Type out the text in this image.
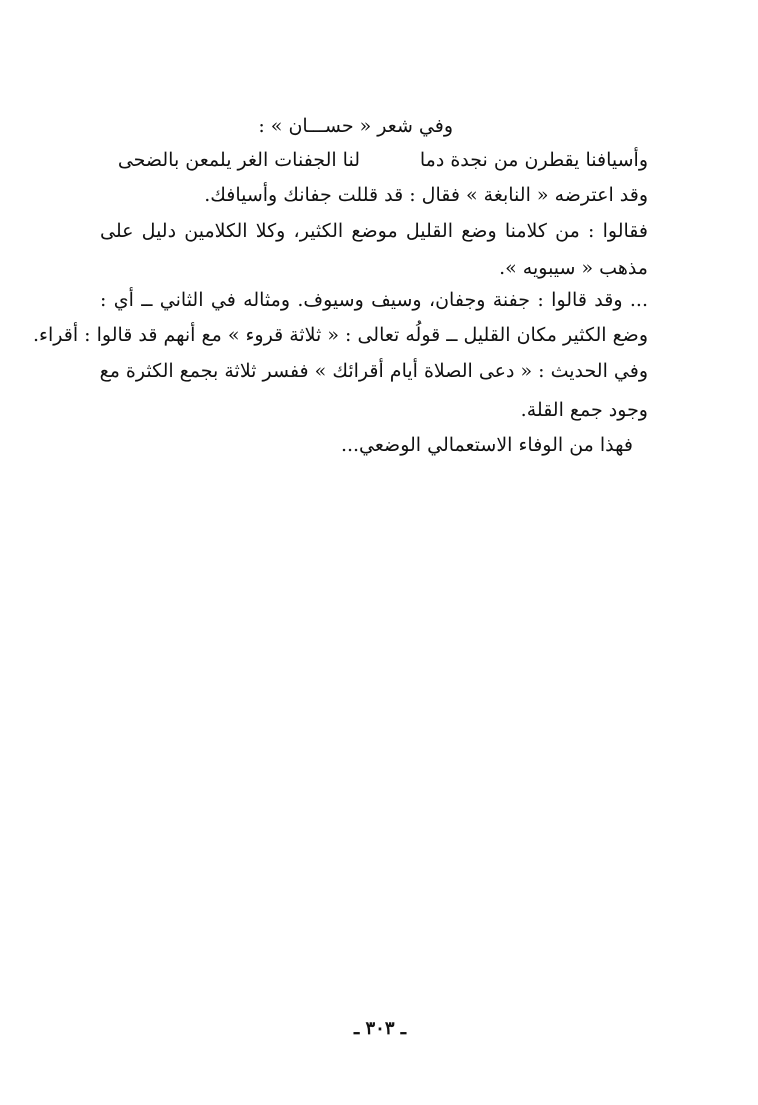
وفي شعر « حســـان » :
لنا الجفنات الغر يلمعن بالضحى	وأسيافنا يقطرن من نجدة دما
وقد اعترضه « النابغة » فقال : قد قللت جفانك وأسيافك.
فقالوا : من كلامنا وضع القليل موضع الكثير، وكلا الكلامين دليل على
مذهب « سيبويه ».
... وقد قالوا : جفنة وجفان، وسيف وسيوف. ومثاله في الثاني ــ أي :
وضع الكثير مكان القليل ــ قولُه تعالى : « ثلاثة قروء » مع أنهم قد قالوا : أقراء.
وفي الحديث : « دعى الصلاة أيام أقرائك » ففسر ثلاثة بجمع الكثرة مع
وجود جمع القلة.
فهذا من الوفاء الاستعمالي الوضعي...
ـ ٣٠٣ ـ
